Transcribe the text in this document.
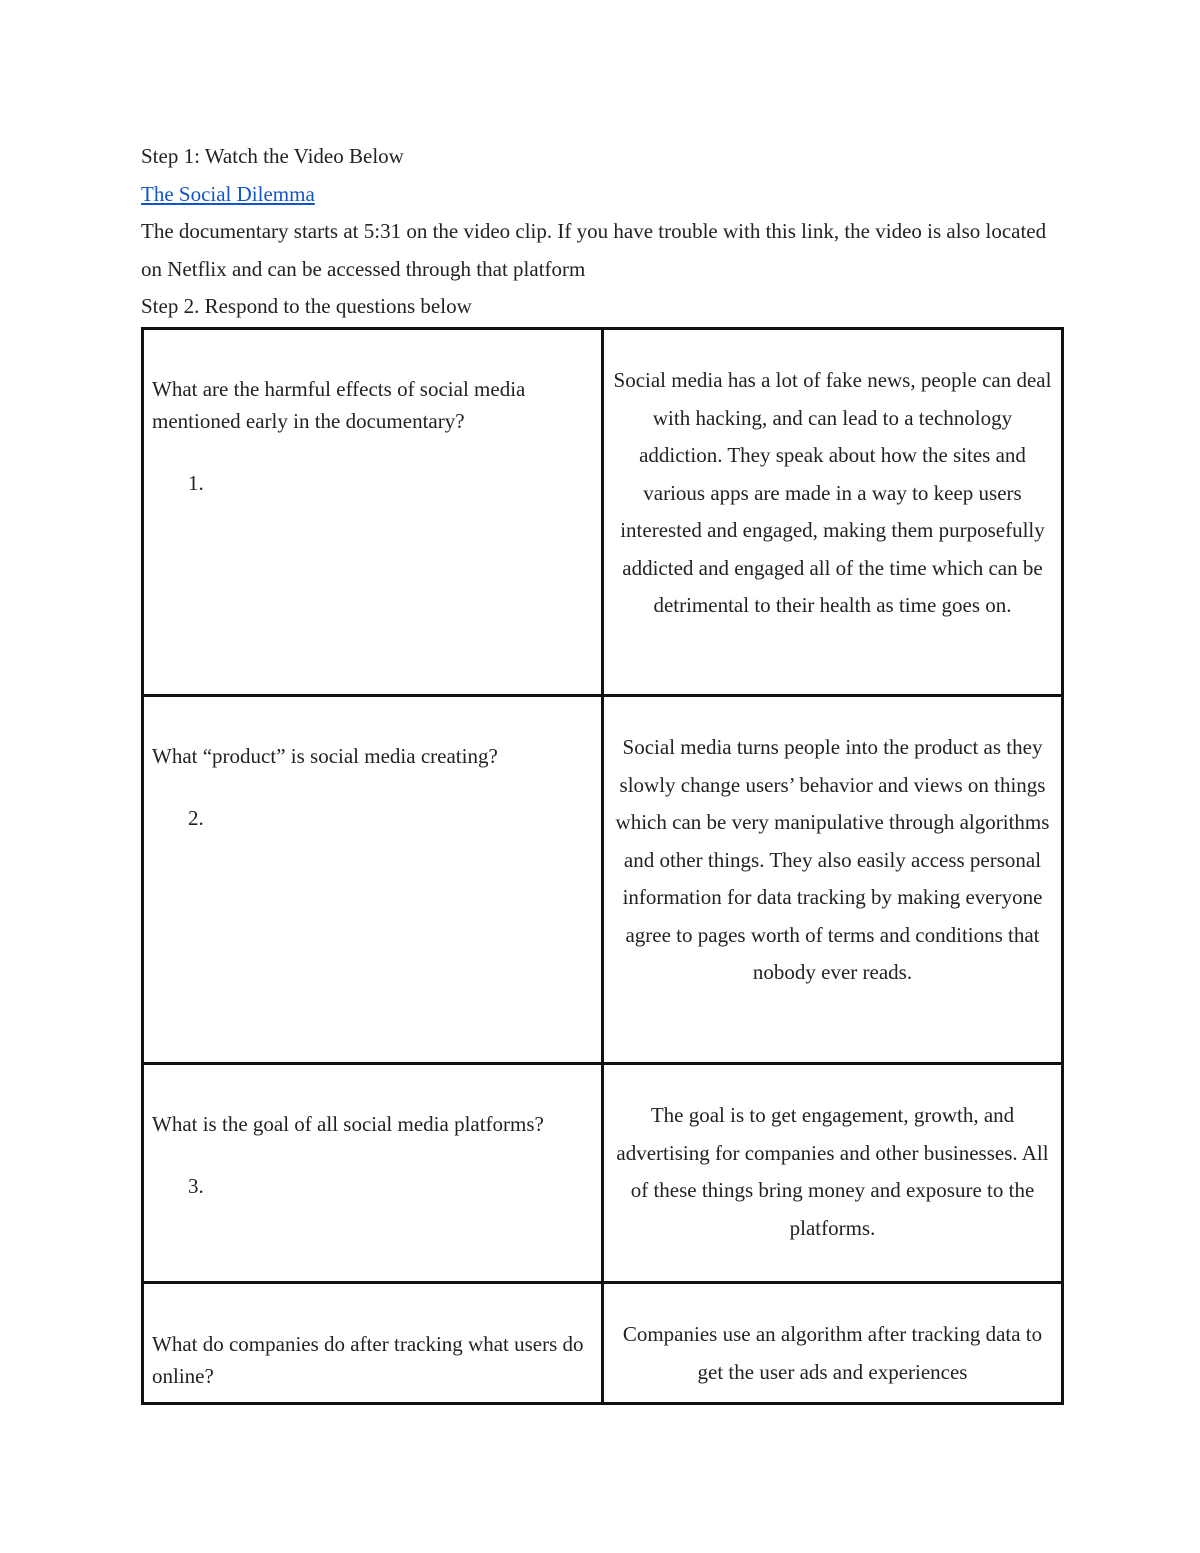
Step 1: Watch the Video Below

The Social Dilemma

The documentary starts at 5:31 on the video clip. If you have trouble with this link, the video is also located on Netflix and can be accessed through that platform

Step 2. Respond to the questions below

What are the harmful effects of social media mentioned early in the documentary?
1.	Social media has a lot of fake news, people can deal with hacking, and can lead to a technology addiction. They speak about how the sites and various apps are made in a way to keep users interested and engaged, making them purposefully addicted and engaged all of the time which can be detrimental to their health as time goes on.

What “product” is social media creating?
2.	Social media turns people into the product as they slowly change users’ behavior and views on things which can be very manipulative through algorithms and other things. They also easily access personal information for data tracking by making everyone agree to pages worth of terms and conditions that nobody ever reads.

What is the goal of all social media platforms?
3.	The goal is to get engagement, growth, and advertising for companies and other businesses. All of these things bring money and exposure to the platforms.

What do companies do after tracking what users do online?	Companies use an algorithm after tracking data to get the user ads and experiences
